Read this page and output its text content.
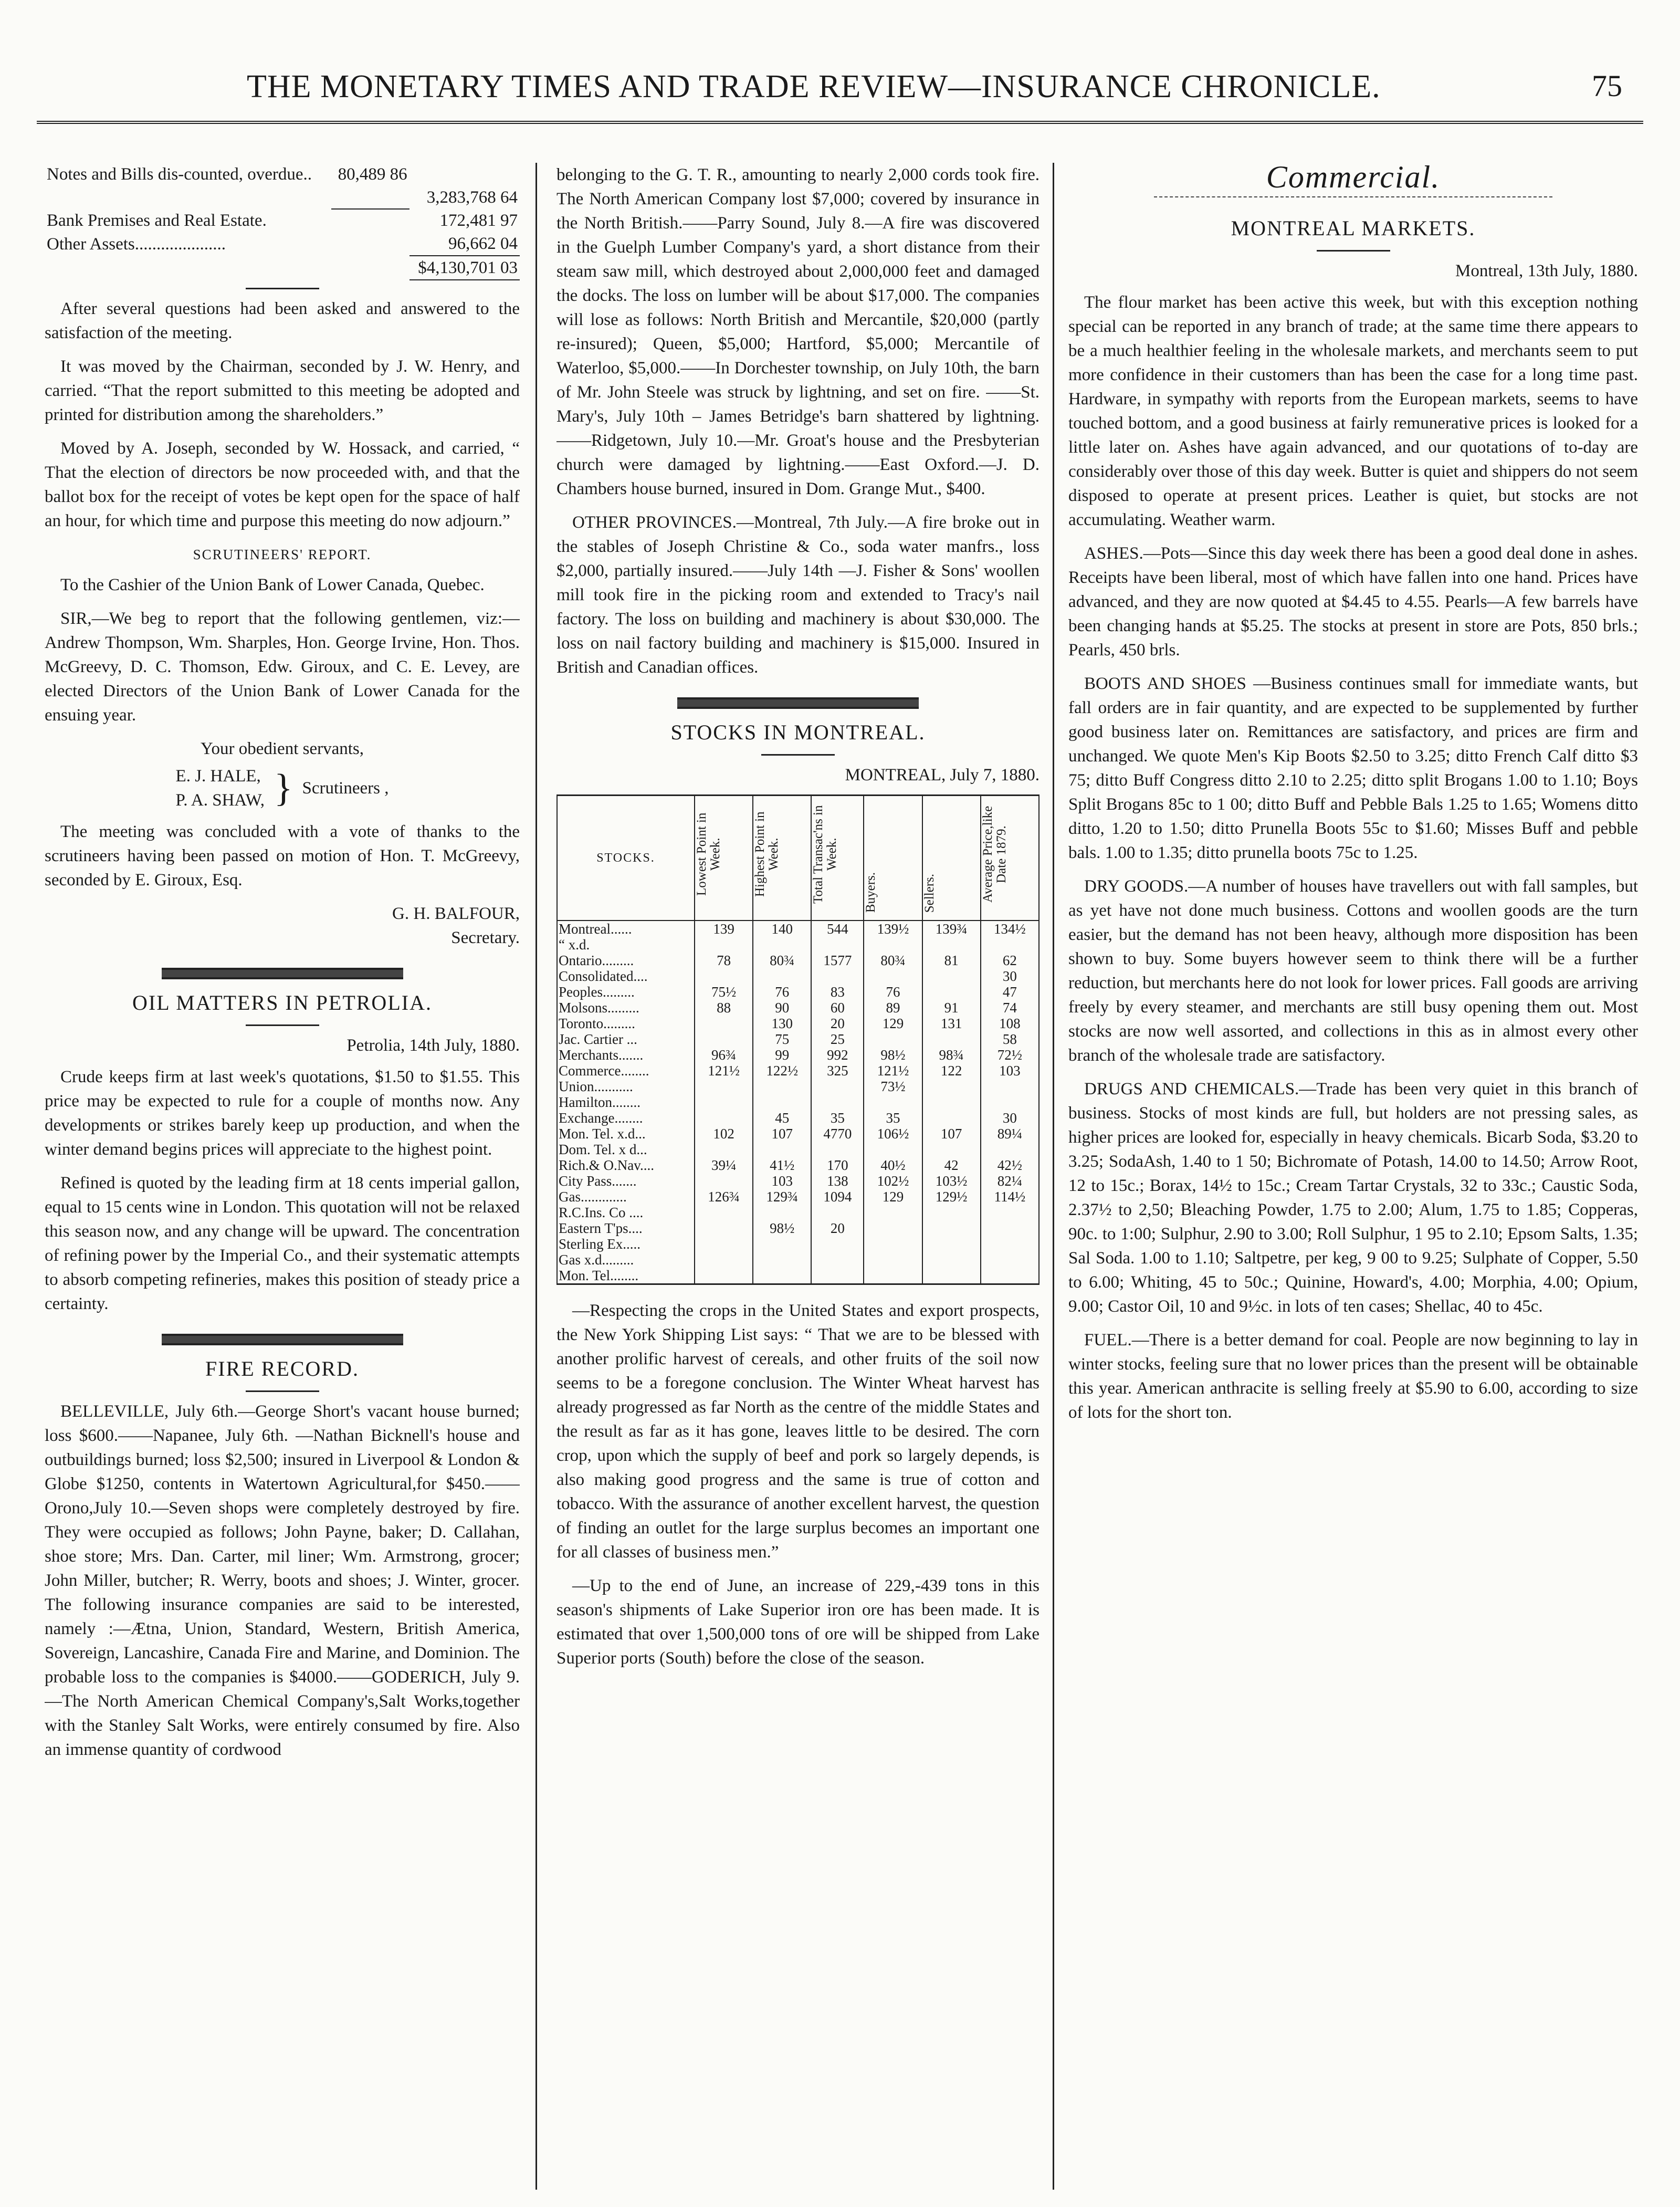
THE MONETARY TIMES AND TRADE REVIEW—INSURANCE CHRONICLE.	75
Notes and Bills dis-counted, overdue..	80,489 86	
		3,283,768 64
Bank Premises and Real Estate.		172,481 97
Other Assets.....................		96,662 04
		$4,130,701 03

After several questions had been asked and answered to the satisfaction of the meeting.

It was moved by the Chairman, seconded by J. W. Henry, and carried. “That the report submitted to this meeting be adopted and printed for distribution among the shareholders.”

Moved by A. Joseph, seconded by W. Hossack, and carried, “ That the election of directors be now proceeded with, and that the ballot box for the receipt of votes be kept open for the space of half an hour, for which time and purpose this meeting do now adjourn.”

SCRUTINEERS' REPORT.

To the Cashier of the Union Bank of Lower Canada, Quebec.

SIR,—We beg to report that the following gentlemen, viz:—Andrew Thompson, Wm. Sharples, Hon. George Irvine, Hon. Thos. McGreevy, D. C. Thomson, Edw. Giroux, and C. E. Levey, are elected Directors of the Union Bank of Lower Canada for the ensuing year.

Your obedient servants,
E. J. HALE,
P. A. SHAW, } Scrutineers ,

The meeting was concluded with a vote of thanks to the scrutineers having been passed on motion of Hon. T. McGreevy, seconded by E. Giroux, Esq.

G. H. BALFOUR,
Secretary.
OIL MATTERS IN PETROLIA.
Petrolia, 14th July, 1880.

Crude keeps firm at last week's quotations, $1.50 to $1.55. This price may be expected to rule for a couple of months now. Any developments or strikes barely keep up production, and when the winter demand begins prices will appreciate to the highest point.

Refined is quoted by the leading firm at 18 cents imperial gallon, equal to 15 cents wine in London. This quotation will not be relaxed this season now, and any change will be upward. The concentration of refining power by the Imperial Co., and their systematic attempts to absorb competing refineries, makes this position of steady price a certainty.

FIRE RECORD.

BELLEVILLE, July 6th.—George Short's vacant house burned; loss $600.——Napanee, July 6th. —Nathan Bicknell's house and outbuildings burned; loss $2,500; insured in Liverpool & London & Globe $1250, contents in Watertown Agricultural,for $450.——Orono,July 10.—Seven shops were completely destroyed by fire. They were occupied as follows; John Payne, baker; D. Callahan, shoe store; Mrs. Dan. Carter, mil liner; Wm. Armstrong, grocer; John Miller, butcher; R. Werry, boots and shoes; J. Winter, grocer. The following insurance companies are said to be interested, namely :—Ætna, Union, Standard, Western, British America, Sovereign, Lancashire, Canada Fire and Marine, and Dominion. The probable loss to the companies is $4000.——GODERICH, July 9.—The North American Chemical Company's,Salt Works,together with the Stanley Salt Works, were entirely consumed by fire. Also an immense quantity of cordwood

belonging to the G. T. R., amounting to nearly 2,000 cords took fire. The North American Company lost $7,000; covered by insurance in the North British.——Parry Sound, July 8.—A fire was discovered in the Guelph Lumber Company's yard, a short distance from their steam saw mill, which destroyed about 2,000,000 feet and damaged the docks. The loss on lumber will be about $17,000. The companies will lose as follows: North British and Mercantile, $20,000 (partly re-insured); Queen, $5,000; Hartford, $5,000; Mercantile of Waterloo, $5,000.——In Dorchester township, on July 10th, the barn of Mr. John Steele was struck by lightning, and set on fire. ——St. Mary's, July 10th – James Betridge's barn shattered by lightning.——Ridgetown, July 10.—Mr. Groat's house and the Presbyterian church were damaged by lightning.——East Oxford.—J. D. Chambers house burned, insured in Dom. Grange Mut., $400.

OTHER PROVINCES.—Montreal, 7th July.—A fire broke out in the stables of Joseph Christine & Co., soda water manfrs., loss $2,000, partially insured.——July 14th —J. Fisher & Sons' woollen mill took fire in the picking room and extended to Tracy's nail factory. The loss on building and machinery is about $30,000. The loss on nail factory building and machinery is $15,000. Insured in British and Canadian offices.

STOCKS IN MONTREAL.
MONTREAL, July 7, 1880.
STOCKS.	Lowest Point in Week.	Highest Point in Week.	Total Transac'ns in Week.	Buyers.	Sellers.	Average Price,like Date 1879.
Montreal......	139	140	544	139½	139¾	134½
“ x.d.						
Ontario.........	78	80¾	1577	80¾	81	62
Consolidated....						30
Peoples.........	75½	76	83	76		47
Molsons.........	88	90	60	89	91	74
Toronto.........		130	20	129	131	108
Jac. Cartier ...		75	25			58
Merchants.......	96¾	99	992	98½	98¾	72½
Commerce........	121½	122½	325	121½	122	103
Union...........				73½		
Hamilton........						
Exchange........		45	35	35		30
Mon. Tel. x.d...	102	107	4770	106½	107	89¼
Dom. Tel. x d...						
Rich.& O.Nav....	39¼	41½	170	40½	42	42½
City Pass.......		103	138	102½	103½	82¼
Gas.............	126¾	129¾	1094	129	129½	114½
R.C.Ins. Co ....						
Eastern T'ps....		98½	20			
Sterling Ex.....						
Gas x.d.........						
Mon. Tel........						

—Respecting the crops in the United States and export prospects, the New York Shipping List says: “ That we are to be blessed with another prolific harvest of cereals, and other fruits of the soil now seems to be a foregone conclusion. The Winter Wheat harvest has already progressed as far North as the centre of the middle States and the result as far as it has gone, leaves little to be desired. The corn crop, upon which the supply of beef and pork so largely depends, is also making good progress and the same is true of cotton and tobacco. With the assurance of another excellent harvest, the question of finding an outlet for the large surplus becomes an important one for all classes of business men.”

—Up to the end of June, an increase of 229,-439 tons in this season's shipments of Lake Superior iron ore has been made. It is estimated that over 1,500,000 tons of ore will be shipped from Lake Superior ports (South) before the close of the season.

Commercial.
MONTREAL MARKETS.
Montreal, 13th July, 1880.

The flour market has been active this week, but with this exception nothing special can be reported in any branch of trade; at the same time there appears to be a much healthier feeling in the wholesale markets, and merchants seem to put more confidence in their customers than has been the case for a long time past. Hardware, in sympathy with reports from the European markets, seems to have touched bottom, and a good business at fairly remunerative prices is looked for a little later on. Ashes have again advanced, and our quotations of to-day are considerably over those of this day week. Butter is quiet and shippers do not seem disposed to operate at present prices. Leather is quiet, but stocks are not accumulating. Weather warm.

ASHES.—Pots—Since this day week there has been a good deal done in ashes. Receipts have been liberal, most of which have fallen into one hand. Prices have advanced, and they are now quoted at $4.45 to 4.55. Pearls—A few barrels have been changing hands at $5.25. The stocks at present in store are Pots, 850 brls.; Pearls, 450 brls.

BOOTS AND SHOES —Business continues small for immediate wants, but fall orders are in fair quantity, and are expected to be supplemented by further good business later on. Remittances are satisfactory, and prices are firm and unchanged. We quote Men's Kip Boots $2.50 to 3.25; ditto French Calf ditto $3 75; ditto Buff Congress ditto 2.10 to 2.25; ditto split Brogans 1.00 to 1.10; Boys Split Brogans 85c to 1 00; ditto Buff and Pebble Bals 1.25 to 1.65; Womens ditto ditto, 1.20 to 1.50; ditto Prunella Boots 55c to $1.60; Misses Buff and pebble bals. 1.00 to 1.35; ditto prunella boots 75c to 1.25.

DRY GOODS.—A number of houses have travellers out with fall samples, but as yet have not done much business. Cottons and woollen goods are the turn easier, but the demand has not been heavy, although more disposition has been shown to buy. Some buyers however seem to think there will be a further reduction, but merchants here do not look for lower prices. Fall goods are arriving freely by every steamer, and merchants are still busy opening them out. Most stocks are now well assorted, and collections in this as in almost every other branch of the wholesale trade are satisfactory.

DRUGS AND CHEMICALS.—Trade has been very quiet in this branch of business. Stocks of most kinds are full, but holders are not pressing sales, as higher prices are looked for, especially in heavy chemicals. Bicarb Soda, $3.20 to 3.25; SodaAsh, 1.40 to 1 50; Bichromate of Potash, 14.00 to 14.50; Arrow Root, 12 to 15c.; Borax, 14½ to 15c.; Cream Tartar Crystals, 32 to 33c.; Caustic Soda, 2.37½ to 2,50; Bleaching Powder, 1.75 to 2.00; Alum, 1.75 to 1.85; Copperas, 90c. to 1:00; Sulphur, 2.90 to 3.00; Roll Sulphur, 1 95 to 2.10; Epsom Salts, 1.35; Sal Soda. 1.00 to 1.10; Saltpetre, per keg, 9 00 to 9.25; Sulphate of Copper, 5.50 to 6.00; Whiting, 45 to 50c.; Quinine, Howard's, 4.00; Morphia, 4.00; Opium, 9.00; Castor Oil, 10 and 9½c. in lots of ten cases; Shellac, 40 to 45c.

FUEL.—There is a better demand for coal. People are now beginning to lay in winter stocks, feeling sure that no lower prices than the present will be obtainable this year. American anthracite is selling freely at $5.90 to 6.00, according to size of lots for the short ton.
